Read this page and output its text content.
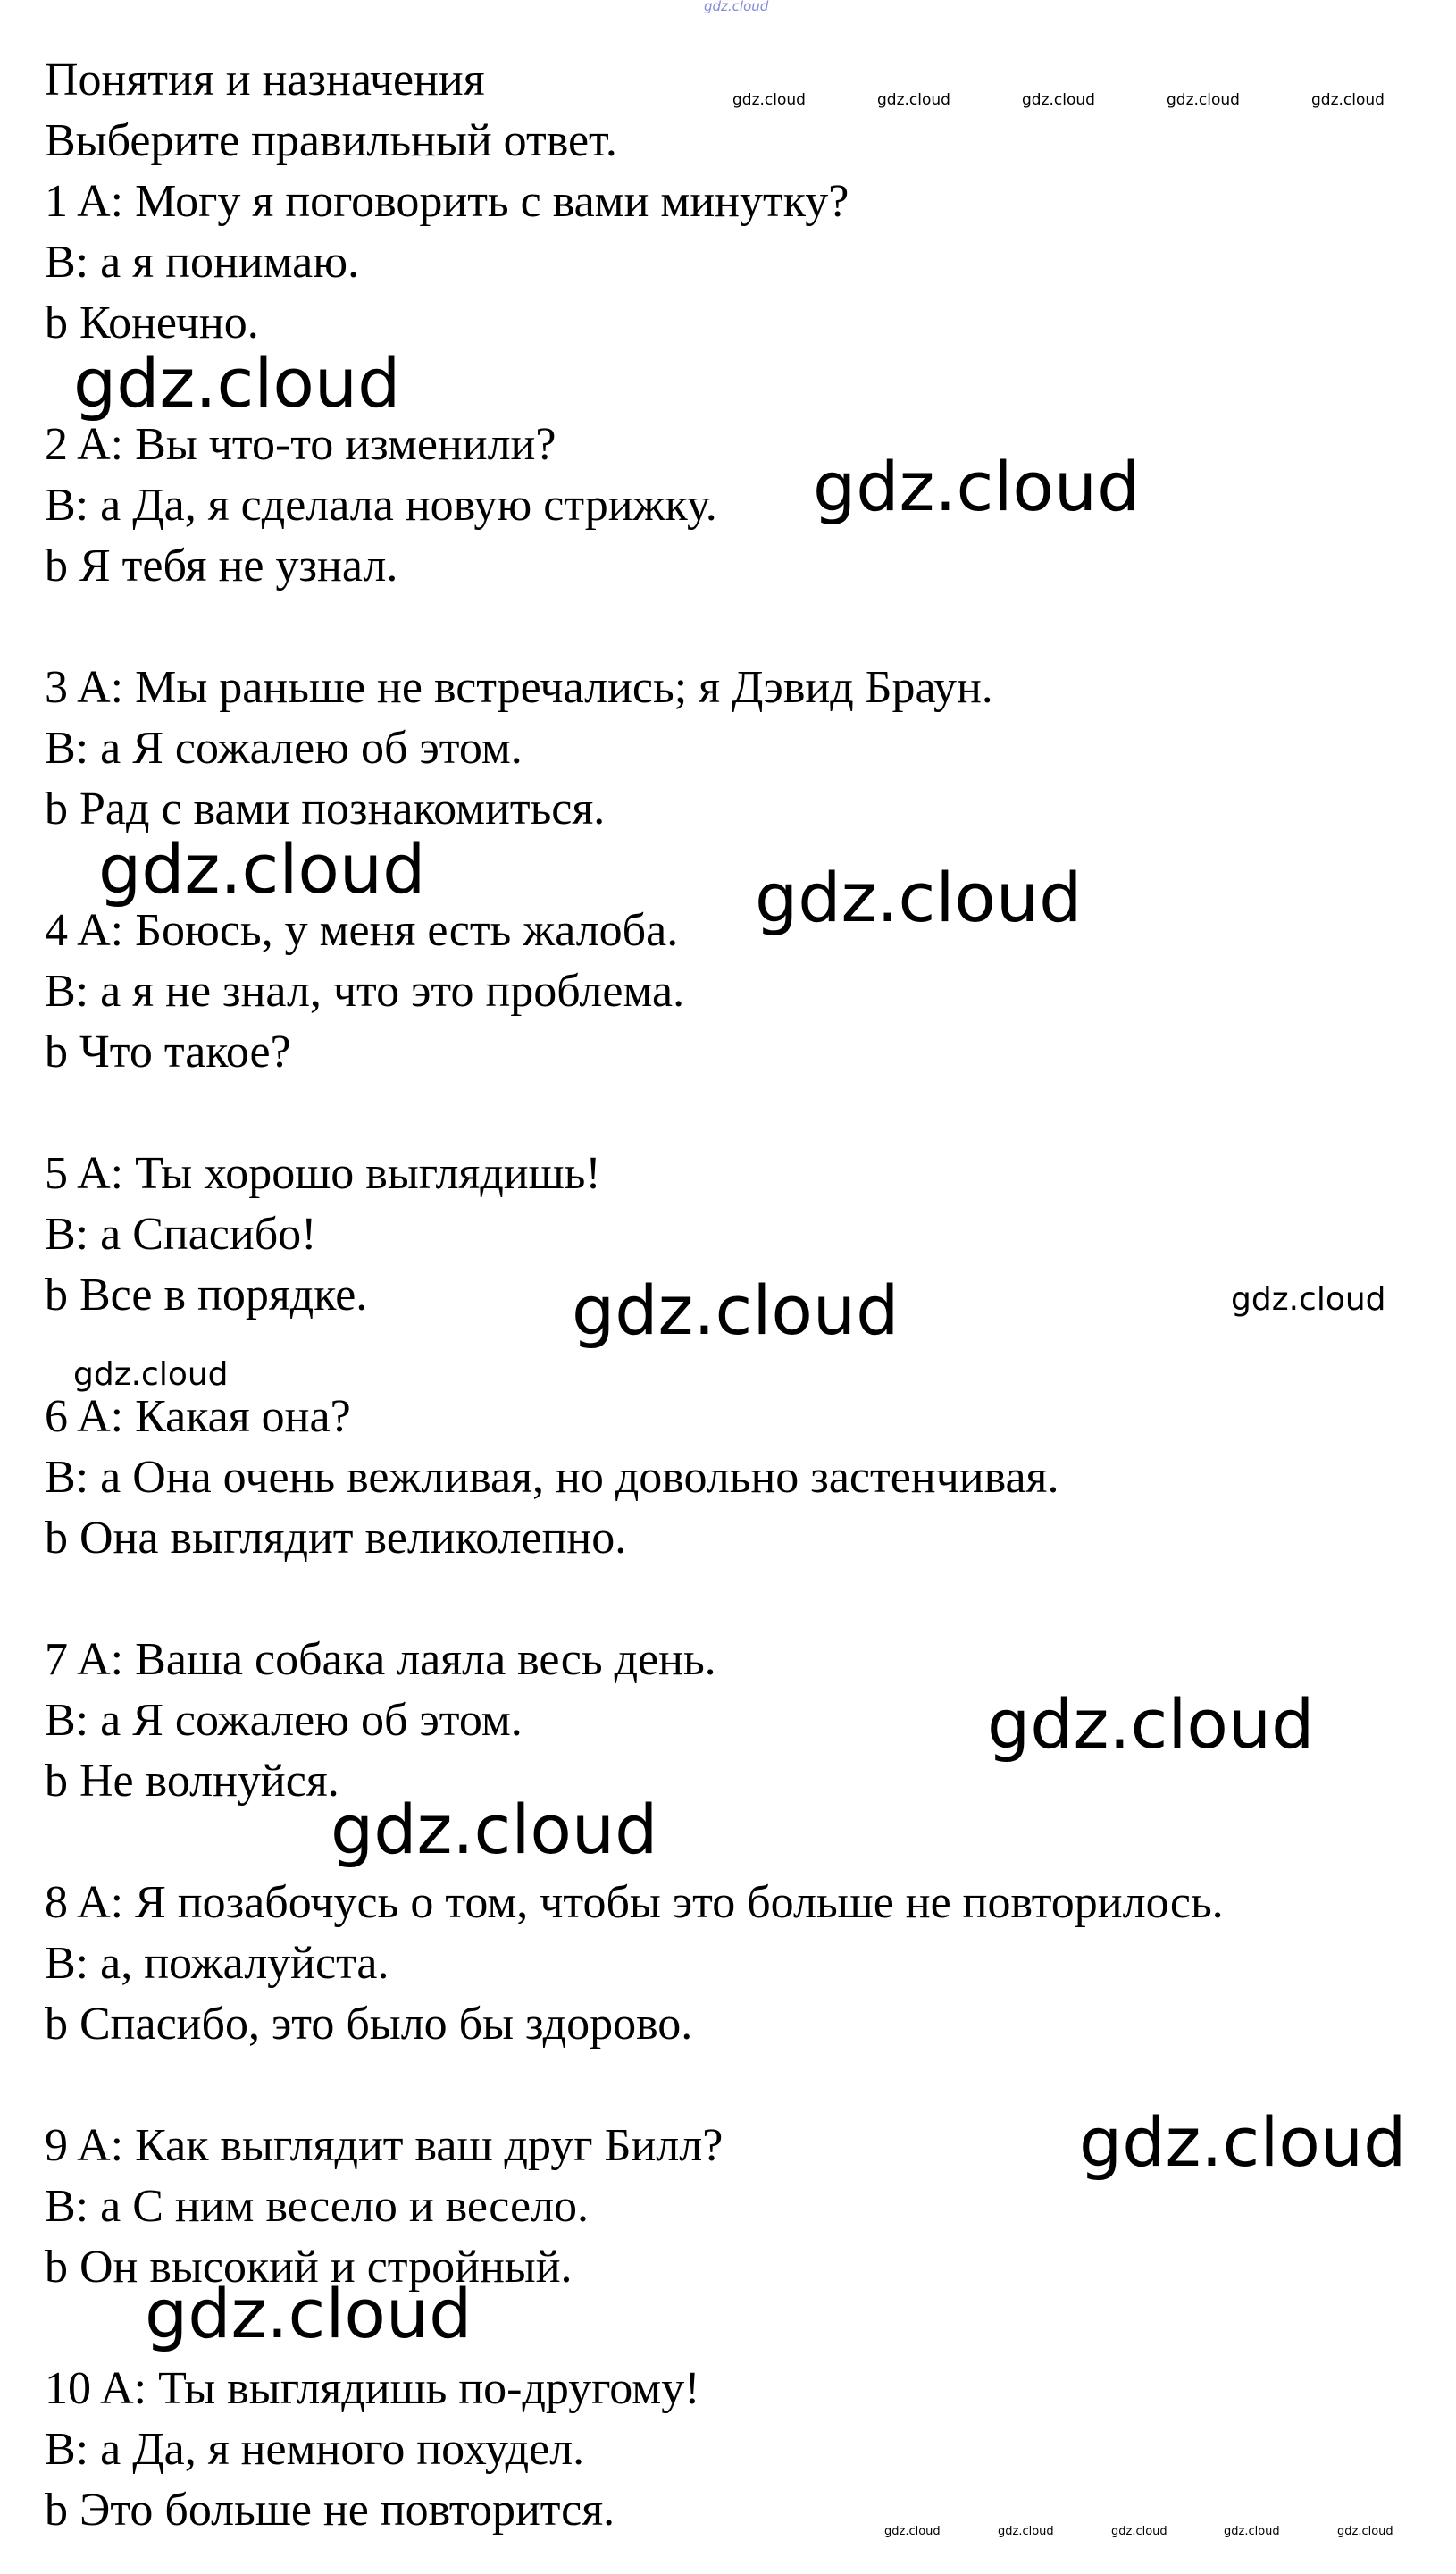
gdz.cloud

Понятия и назначения

Выберите правильный ответ.

gdz.cloud	gdz.cloud	gdz.cloud	gdz.cloud	gdz.cloud

1 A: Могу я поговорить с вами минутку?

B: a я понимаю.

b Конечно.

gdz.cloud

2 A: Вы что-то изменили?

B: a Да, я сделала новую стрижку. gdz.cloud

b Я тебя не узнал.

3 A: Мы раньше не встречались; я Дэвид Браун.

B: a Я сожалею об этом.

b Рад с вами познакомиться.

gdz.cloud	gdz.cloud

4 A: Боюсь, у меня есть жалоба.

B: a я не знал, что это проблема.

b Что такое?

5 A: Ты хорошо выглядишь!

B: a Спасибо!

b Все в порядке.	gdz.cloud	gdz.cloud
gdz.cloud

6 A: Какая она?

B: a Она очень вежливая, но довольно застенчивая.

b Она выглядит великолепно.

7 A: Ваша собака лаяла весь день.

B: a Я сожалею об этом.	gdz.cloud

b Не волнуйся.

gdz.cloud

8 A: Я позабочусь о том, чтобы это больше не повторилось.

B: a, пожалуйста.

b Спасибо, это было бы здорово.

9 A: Как выглядит ваш друг Билл?	gdz.cloud

B: a С ним весело и весело.

b Он высокий и стройный.

gdz.cloud

10 A: Ты выглядишь по-другому!

B: a Да, я немного похудел.

b Это больше не повторится.	gdz.cloud	gdz.cloud	gdz.cloud	gdz.cloud	gdz.cloud
